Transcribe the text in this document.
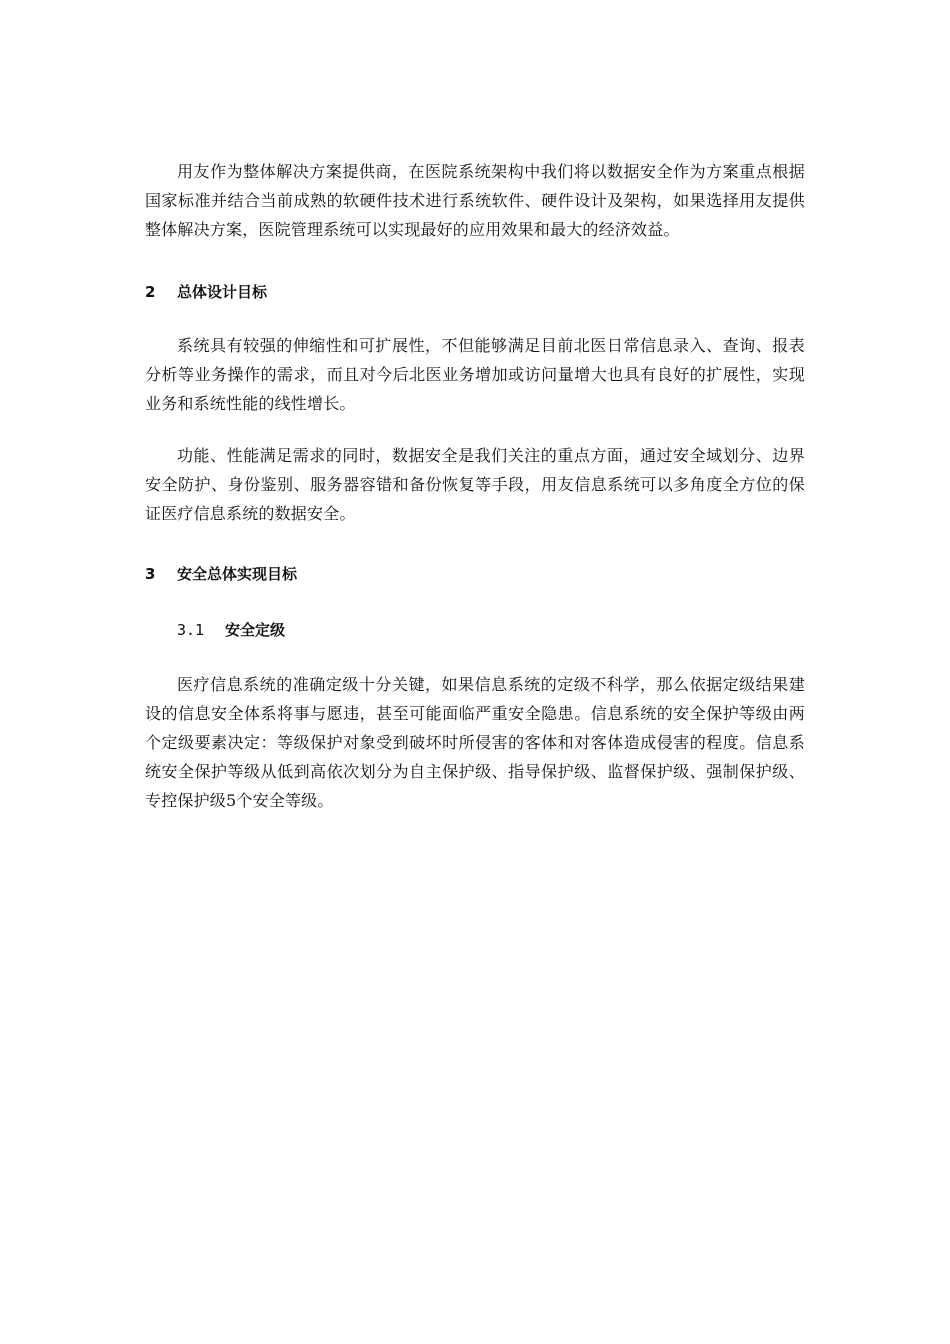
用友作为整体解决方案提供商，在医院系统架构中我们将以数据安全作为方案重点根据国家标准并结合当前成熟的软硬件技术进行系统软件、硬件设计及架构，如果选择用友提供整体解决方案，医院管理系统可以实现最好的应用效果和最大的经济效益。

2 总体设计目标

系统具有较强的伸缩性和可扩展性，不但能够满足目前北医日常信息录入、查询、报表分析等业务操作的需求，而且对今后北医业务增加或访问量增大也具有良好的扩展性，实现业务和系统性能的线性增长。

功能、性能满足需求的同时，数据安全是我们关注的重点方面，通过安全域划分、边界安全防护、身份鉴别、服务器容错和备份恢复等手段，用友信息系统可以多角度全方位的保证医疗信息系统的数据安全。

3 安全总体实现目标
3.1 安全定级

医疗信息系统的准确定级十分关键，如果信息系统的定级不科学，那么依据定级结果建设的信息安全体系将事与愿违，甚至可能面临严重安全隐患。信息系统的安全保护等级由两个定级要素决定：等级保护对象受到破坏时所侵害的客体和对客体造成侵害的程度。信息系统安全保护等级从低到高依次划分为自主保护级、指导保护级、监督保护级、强制保护级、专控保护级5个安全等级。
